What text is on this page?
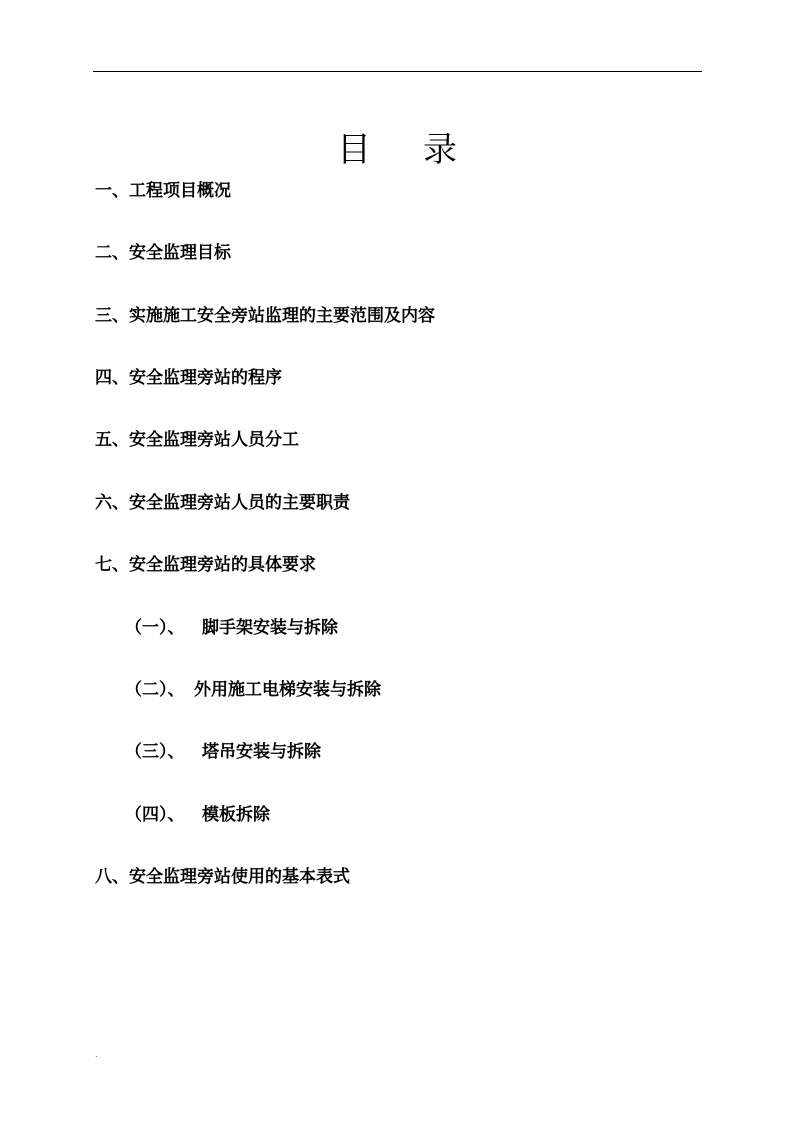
目 录
一、工程项目概况
二、安全监理目标
三、实施施工安全旁站监理的主要范围及内容
四、安全监理旁站的程序
五、安全监理旁站人员分工
六、安全监理旁站人员的主要职责
七、安全监理旁站的具体要求
（一）、 脚手架安装与拆除
（二）、 外用施工电梯安装与拆除
（三）、 塔吊安装与拆除
（四）、 模板拆除
八、安全监理旁站使用的基本表式
.
